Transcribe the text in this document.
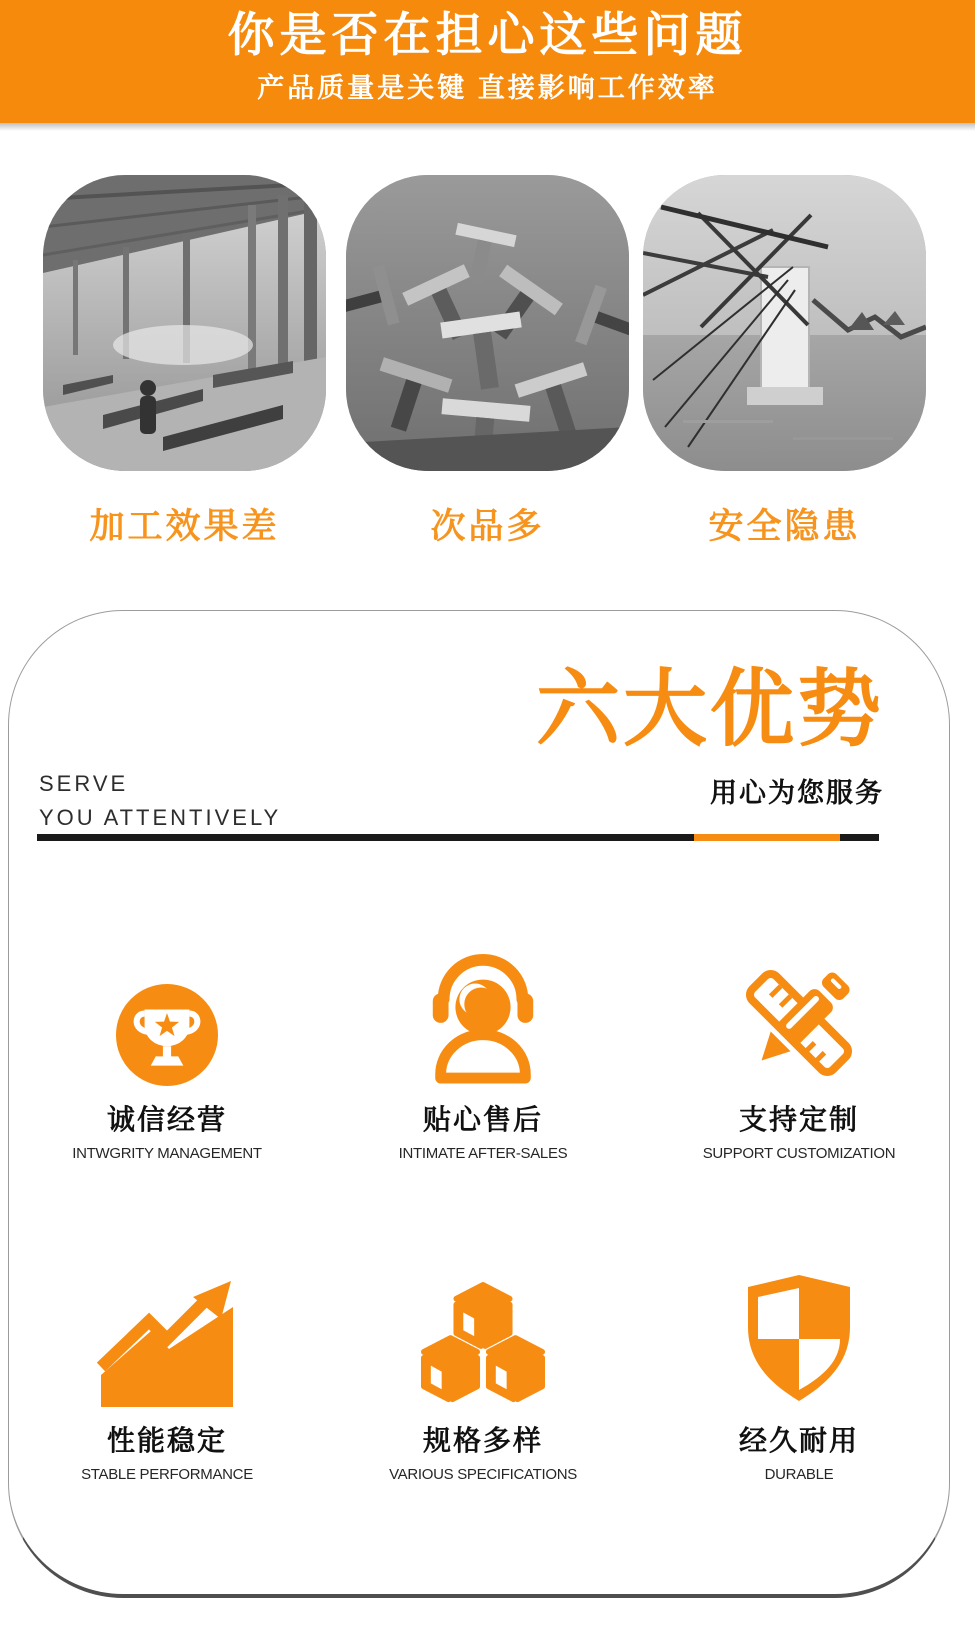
你是否在担心这些问题
产品质量是关键 直接影响工作效率
加工效果差	次品多	安全隐患
六大优势
用心为您服务
SERVE
YOU ATTENTIVELY
诚信经营
INTWGRITY MANAGEMENT
贴心售后
INTIMATE AFTER-SALES
支持定制
SUPPORT CUSTOMIZATION
性能稳定
STABLE PERFORMANCE
规格多样
VARIOUS SPECIFICATIONS
经久耐用
DURABLE
